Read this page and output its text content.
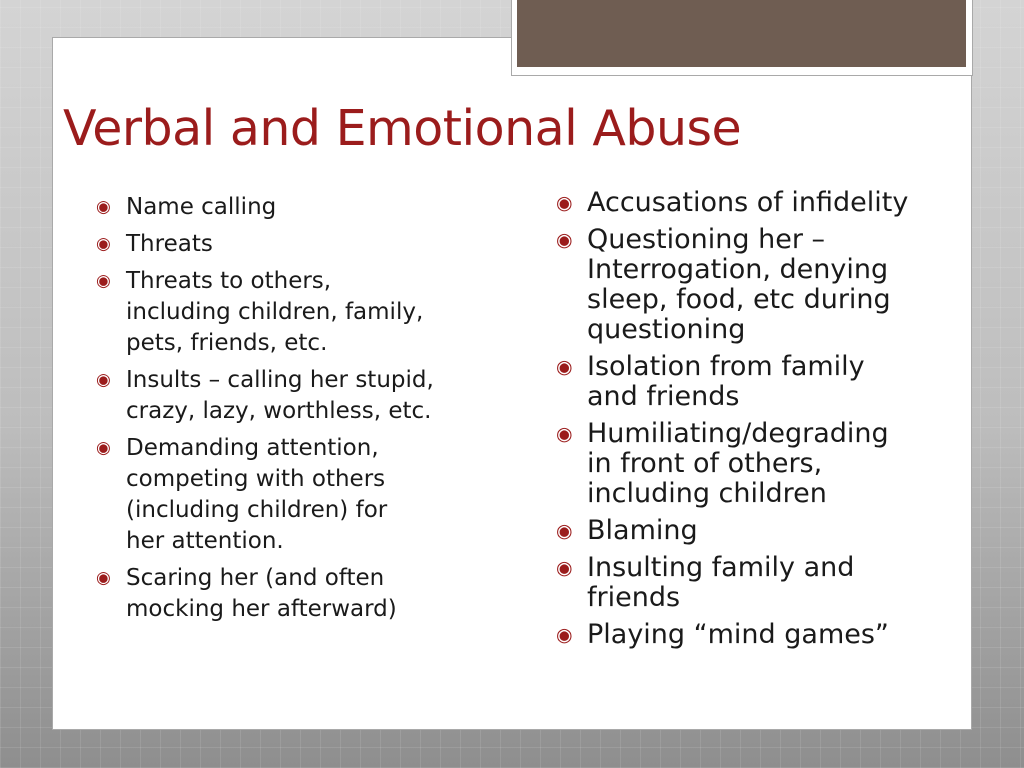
Verbal and Emotional Abuse
◉ Name calling
◉ Threats
◉ Threats to others,
including children, family,
pets, friends, etc.
◉ Insults – calling her stupid,
crazy, lazy, worthless, etc.
◉ Demanding attention,
competing with others
(including children) for
her attention.
◉ Scaring her (and often
mocking her afterward)
◉ Accusations of infidelity
◉ Questioning her –
Interrogation, denying
sleep, food, etc during
questioning
◉ Isolation from family
and friends
◉ Humiliating/degrading
in front of others,
including children
◉ Blaming
◉ Insulting family and
friends
◉ Playing “mind games”
